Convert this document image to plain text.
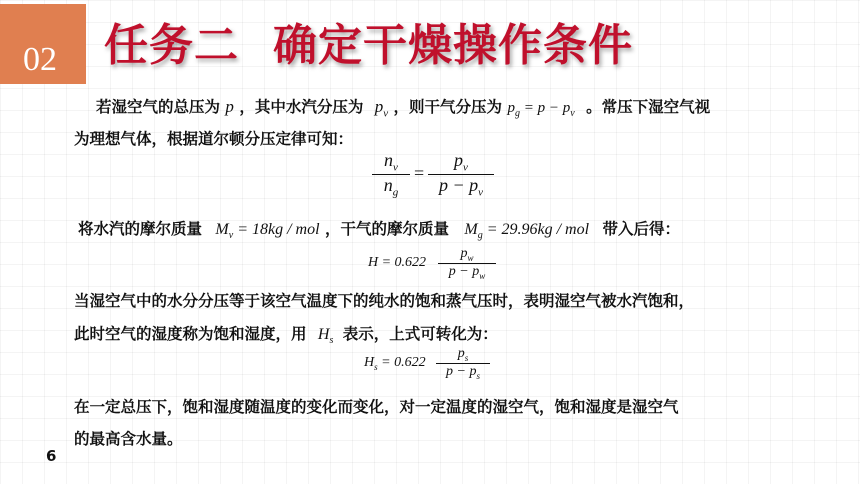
02 任务二 确定干燥操作条件
若湿空气的总压为 p ，其中水汽分压为 $p_v$ ，则干气分压为 $p_g = p - p_v$ 。常压下湿空气视
为理想气体，根据道尔顿分压定律可知：
$\frac{n_v}{n_g} = \frac{p_v}{p - p_v}$
将水汽的摩尔质量 $M_v = 18kg$ / mol ，干气的摩尔质量 $M_g = 29.96kg$ / mol 带入后得：
$H = 0.622 \frac{p_w}{p - p_w}$
当湿空气中的水分分压等于该空气温度下的纯水的饱和蒸气压时，表明湿空气被水汽饱和，
此时空气的湿度称为饱和湿度，用 $H_s$ 表示，上式可转化为：
$H_s = 0.622 \frac{p_s}{p - p_s}$
在一定总压下，饱和湿度随温度的变化而变化，对一定温度的湿空气，饱和湿度是湿空气
的最高含水量。
6
